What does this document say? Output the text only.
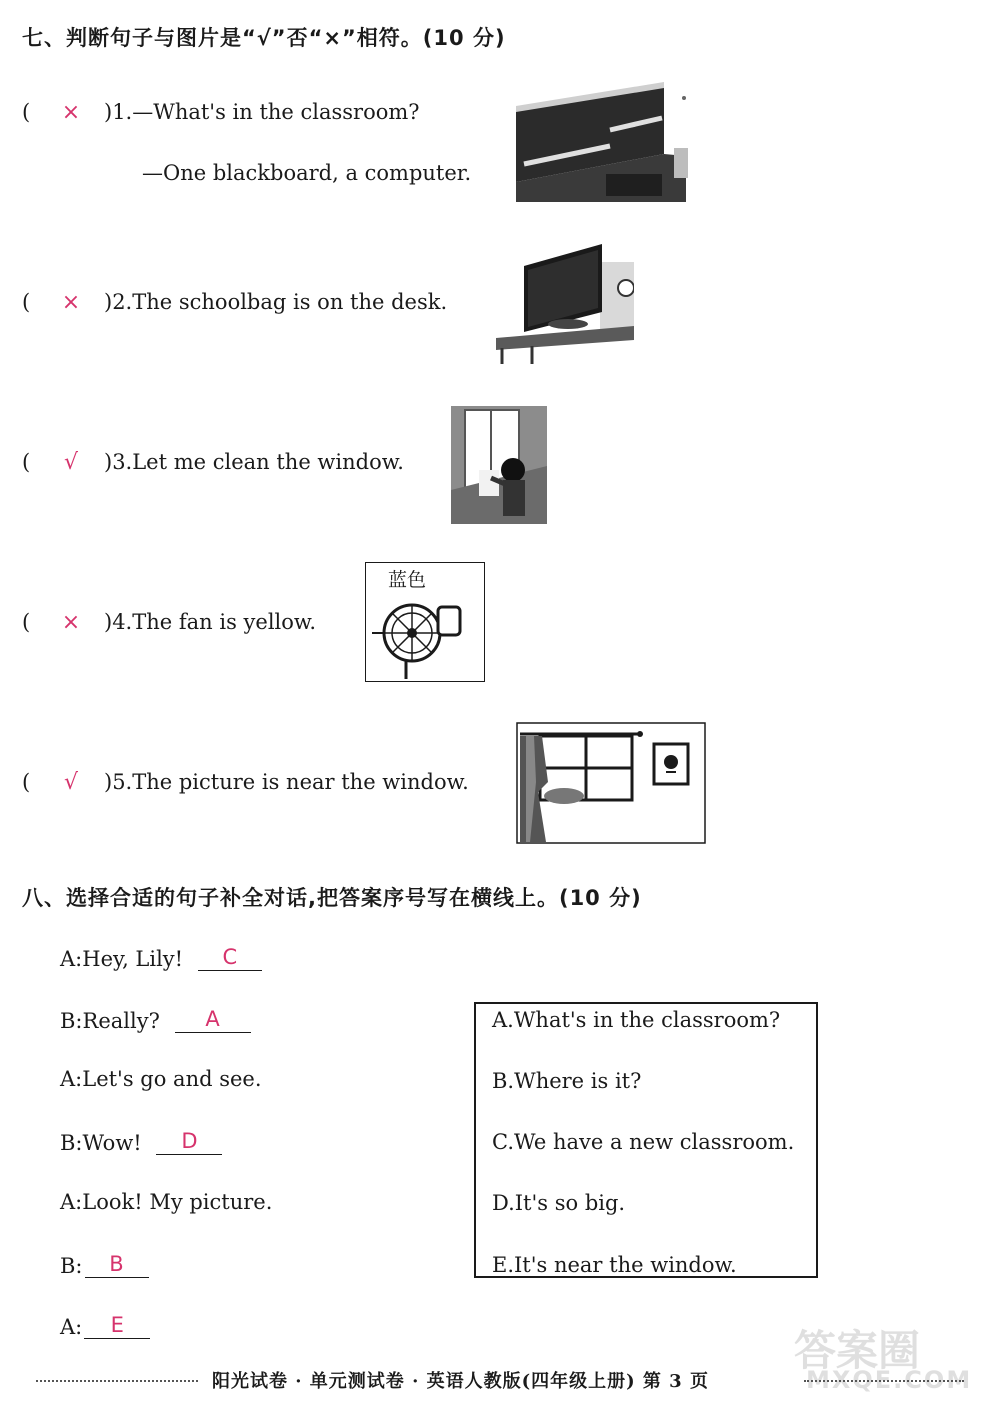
七、判断句子与图片是“√”否“×”相符。(10 分)
( × )1.—What's in the classroom?
—One blackboard, a computer.
( × )2.The schoolbag is on the desk.
( √ )3.Let me clean the window.
( × )4.The fan is yellow.
蓝色
( √ )5.The picture is near the window.
八、选择合适的句子补全对话,把答案序号写在横线上。(10 分)
A:Hey, Lily! C
B:Really? A
A:Let's go and see.
B:Wow! D
A:Look! My picture.
B: B
A: E
A.What's in the classroom?
B.Where is it?
C.We have a new classroom.
D.It's so big.
E.It's near the window.
阳光试卷 · 单元测试卷 · 英语人教版(四年级上册) 第 3 页
答案圈
MXQE.COM
